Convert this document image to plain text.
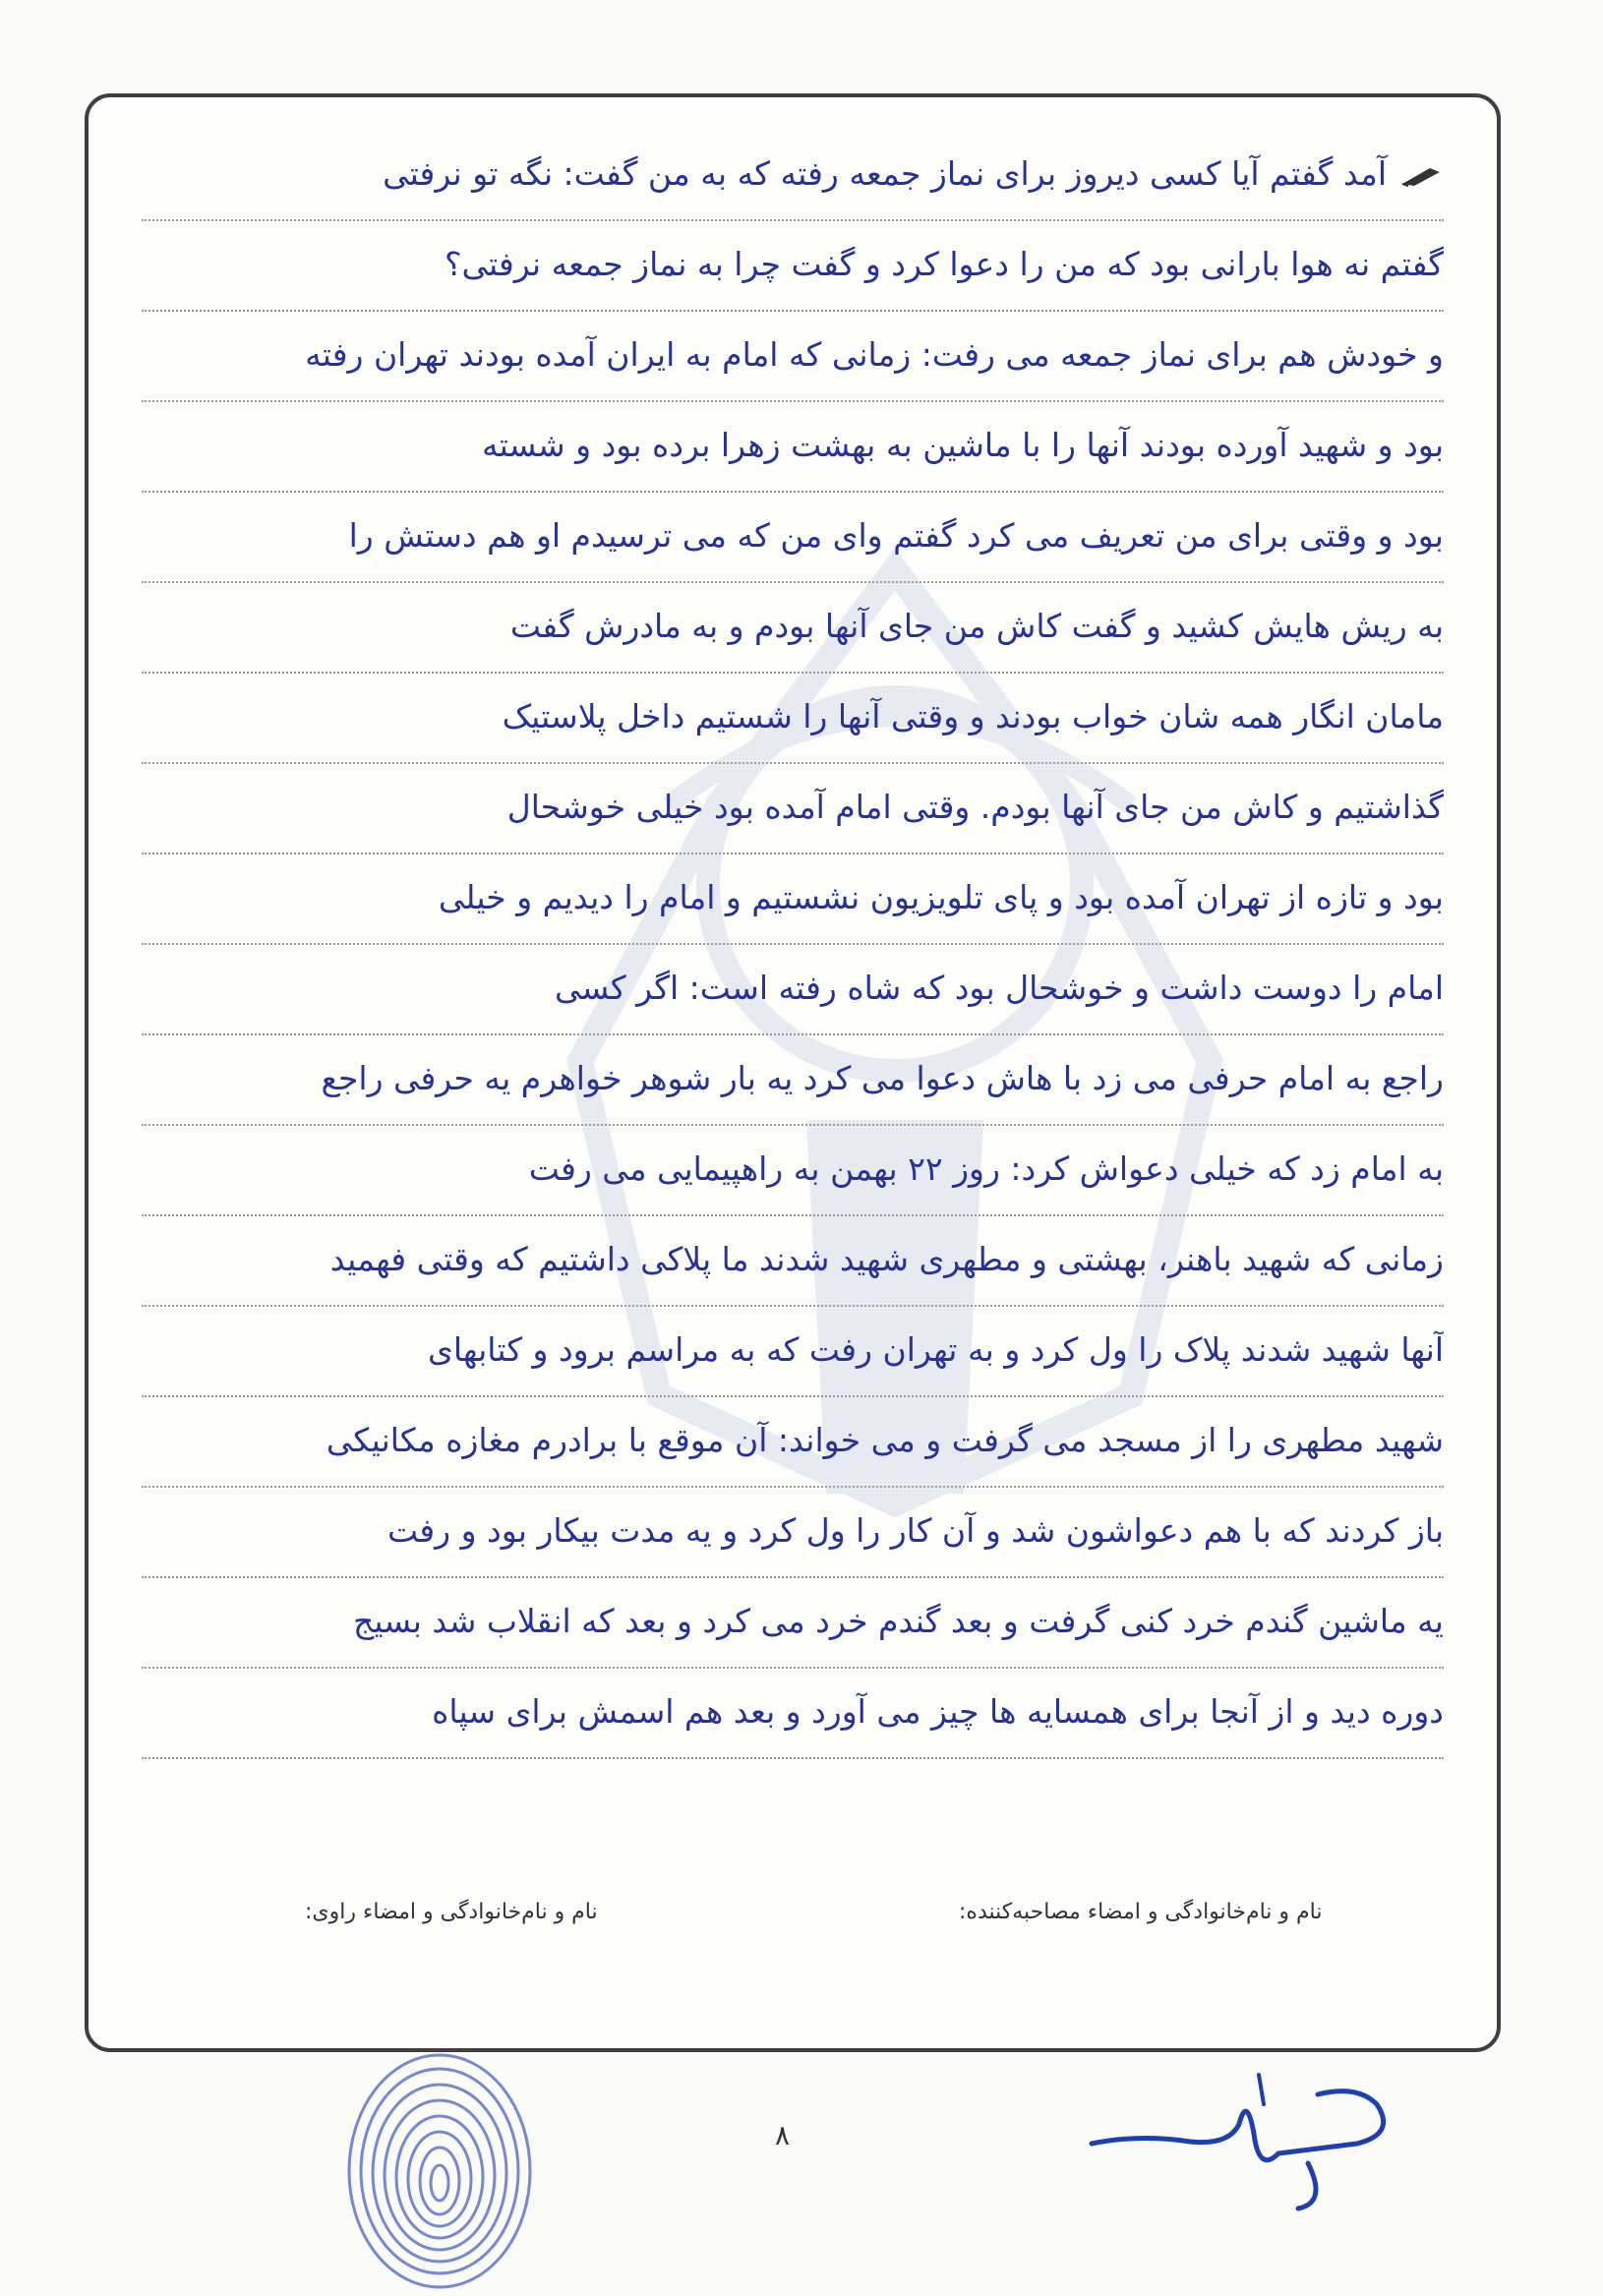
آمد گفتم آیا کسی دیروز برای نماز جمعه رفته که به من گفت: نگه تو نرفتی
گفتم نه هوا بارانی بود که من را دعوا کرد و گفت چرا به نماز جمعه نرفتی؟
و خودش هم برای نماز جمعه می رفت: زمانی که امام به ایران آمده بودند تهران رفته
بود و شهید آورده بودند آنها را با ماشین به بهشت زهرا برده بود و شسته
بود و وقتی برای من تعریف می کرد گفتم وای من که می ترسیدم او هم دستش را
به ریش هایش کشید و گفت کاش من جای آنها بودم و به مادرش گفت
مامان انگار همه شان خواب بودند و وقتی آنها را شستیم داخل پلاستیک
گذاشتیم و کاش من جای آنها بودم. وقتی امام آمده بود خیلی خوشحال
بود و تازه از تهران آمده بود و پای تلویزیون نشستیم و امام را دیدیم و خیلی
امام را دوست داشت و خوشحال بود که شاه رفته است: اگر کسی
راجع به امام حرفی می زد با هاش دعوا می کرد یه بار شوهر خواهرم یه حرفی راجع
به امام زد که خیلی دعواش کرد: روز ۲۲ بهمن به راهپیمایی می رفت
زمانی که شهید باهنر، بهشتی و مطهری شهید شدند ما پلاکی داشتیم که وقتی فهمید
آنها شهید شدند پلاک را ول کرد و به تهران رفت که به مراسم برود و کتابهای
شهید مطهری را از مسجد می گرفت و می خواند: آن موقع با برادرم مغازه مکانیکی
باز کردند که با هم دعواشون شد و آن کار را ول کرد و یه مدت بیکار بود و رفت
یه ماشین گندم خرد کنی گرفت و بعد گندم خرد می کرد و بعد که انقلاب شد بسیج
دوره دید و از آنجا برای همسایه ها چیز می آورد و بعد هم اسمش برای سپاه
نام و نام‌خانوادگی و امضاء مصاحبه‌کننده:
نام و نام‌خانوادگی و امضاء راوی:
۸
